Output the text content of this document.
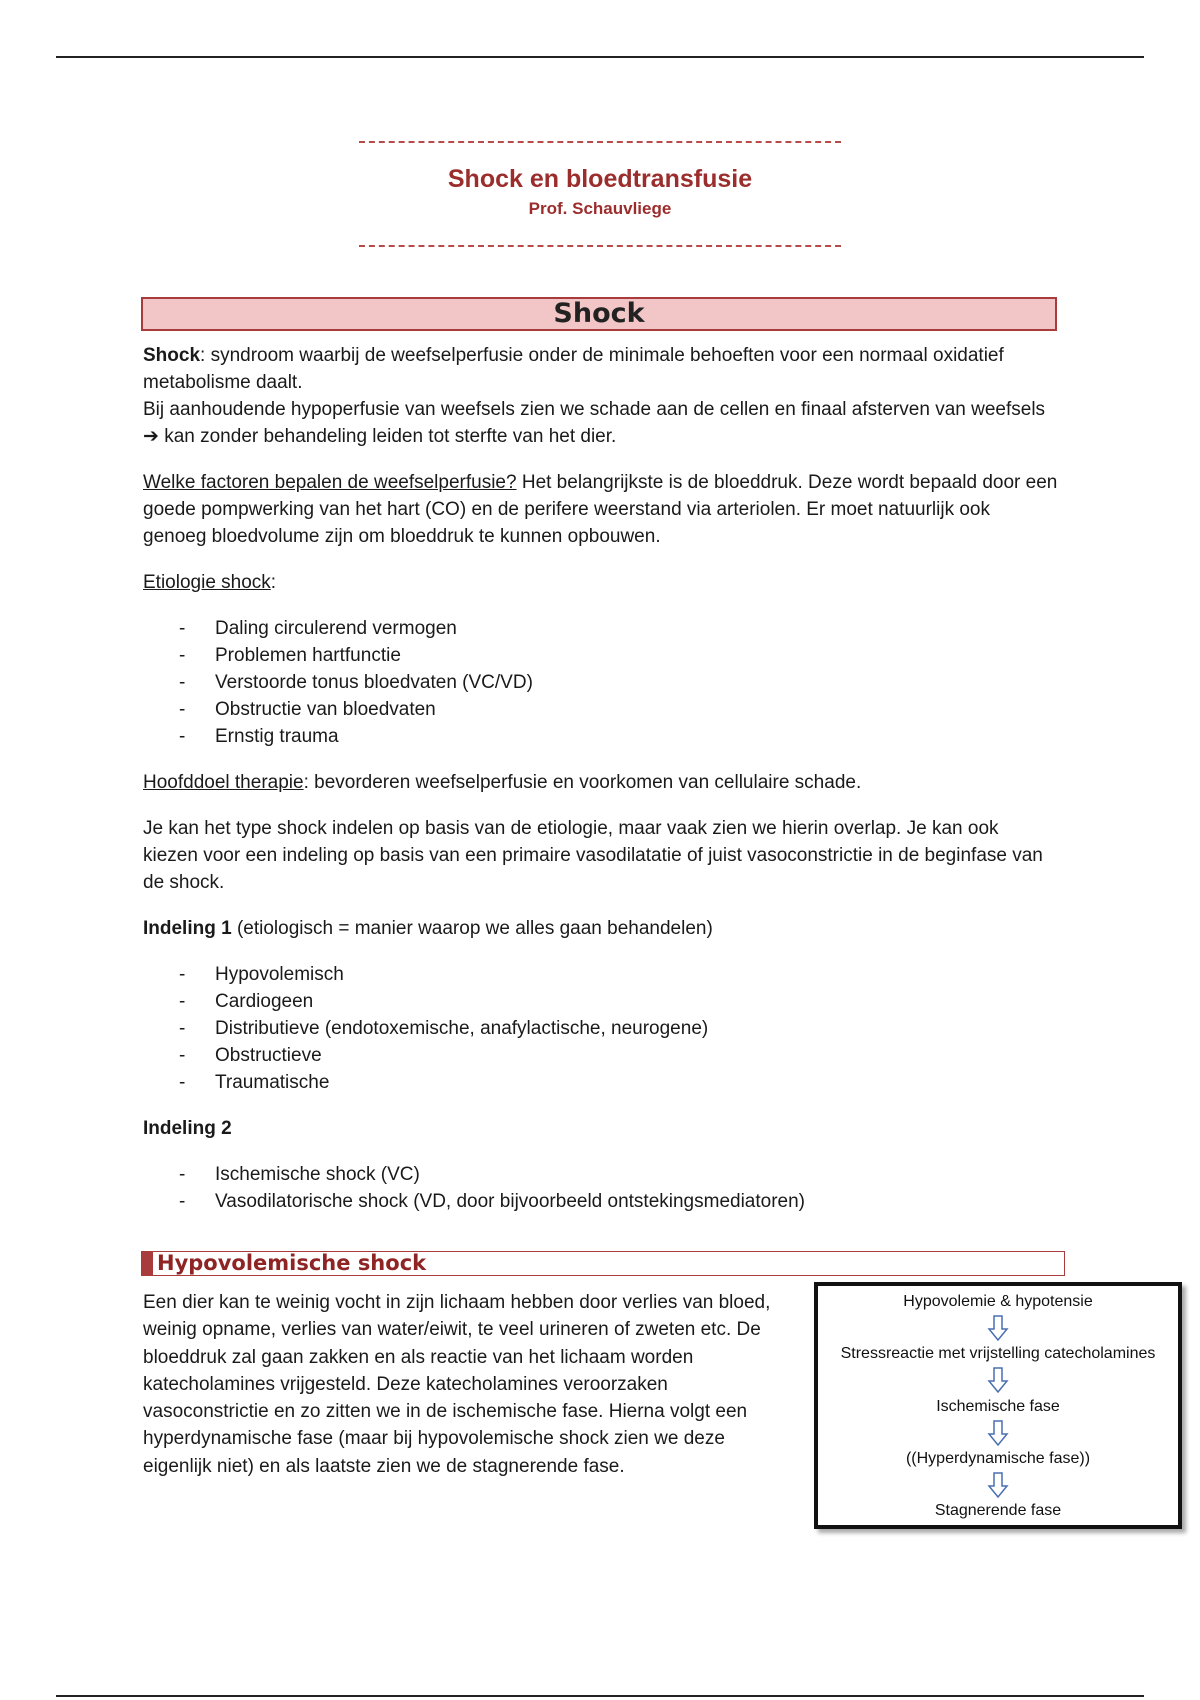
Shock en bloedtransfusie
Prof. Schauvliege
Shock

Shock: syndroom waarbij de weefselperfusie onder de minimale behoeften voor een normaal oxidatief metabolisme daalt.
Bij aanhoudende hypoperfusie van weefsels zien we schade aan de cellen en finaal afsterven van weefsels ➔ kan zonder behandeling leiden tot sterfte van het dier.

Welke factoren bepalen de weefselperfusie? Het belangrijkste is de bloeddruk. Deze wordt bepaald door een goede pompwerking van het hart (CO) en de perifere weerstand via arteriolen. Er moet natuurlijk ook genoeg bloedvolume zijn om bloeddruk te kunnen opbouwen.

Etiologie shock:

- Daling circulerend vermogen
- Problemen hartfunctie
- Verstoorde tonus bloedvaten (VC/VD)
- Obstructie van bloedvaten
- Ernstig trauma

Hoofddoel therapie: bevorderen weefselperfusie en voorkomen van cellulaire schade.

Je kan het type shock indelen op basis van de etiologie, maar vaak zien we hierin overlap. Je kan ook kiezen voor een indeling op basis van een primaire vasodilatatie of juist vasoconstrictie in de beginfase van de shock.

Indeling 1 (etiologisch = manier waarop we alles gaan behandelen)

- Hypovolemisch
- Cardiogeen
- Distributieve (endotoxemische, anafylactische, neurogene)
- Obstructieve
- Traumatische

Indeling 2

- Ischemische shock (VC)
- Vasodilatorische shock (VD, door bijvoorbeeld ontstekingsmediatoren)
Hypovolemische shock

Een dier kan te weinig vocht in zijn lichaam hebben door verlies van bloed, weinig opname, verlies van water/eiwit, te veel urineren of zweten etc. De bloeddruk zal gaan zakken en als reactie van het lichaam worden katecholamines vrijgesteld. Deze katecholamines veroorzaken vasoconstrictie en zo zitten we in de ischemische fase. Hierna volgt een hyperdynamische fase (maar bij hypovolemische shock zien we deze eigenlijk niet) en als laatste zien we de stagnerende fase.

Hypovolemie & hypotensie
Stressreactie met vrijstelling catecholamines
Ischemische fase
((Hyperdynamische fase))
Stagnerende fase
